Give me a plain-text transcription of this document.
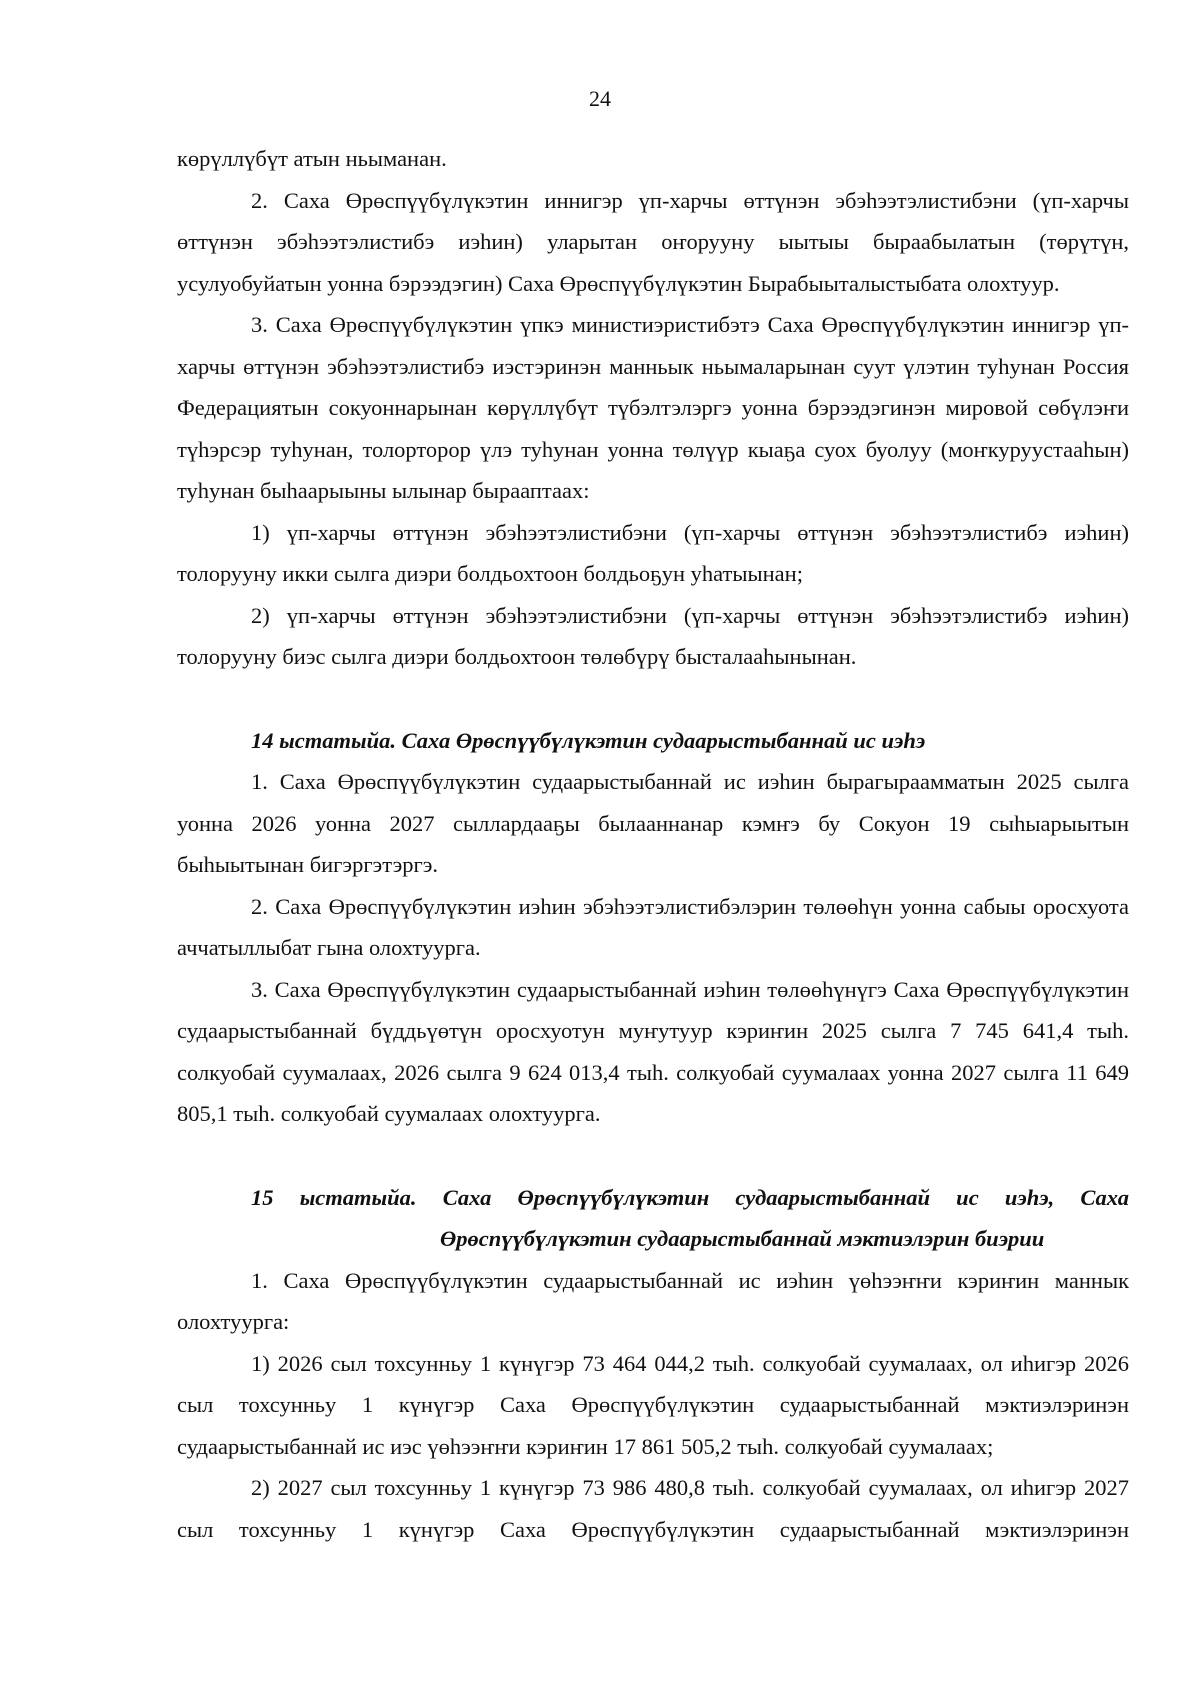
24

көрүллүбүт атын ньыманан.

2. Саха Өрөспүүбүлүкэтин иннигэр үп-харчы өттүнэн эбэһээтэлистибэни (үп-харчы өттүнэн эбэһээтэлистибэ иэһин) уларытан оҥорууну ыытыы быраабылатын (төрүтүн, усулуобуйатын уонна бэрээдэгин) Саха Өрөспүүбүлүкэтин Бырабыыталыстыбата олохтуур.

3. Саха Өрөспүүбүлүкэтин үпкэ министиэристибэтэ Саха Өрөспүүбүлүкэтин иннигэр үп-харчы өттүнэн эбэһээтэлистибэ иэстэринэн манньык ньымаларынан суут үлэтин туһунан Россия Федерациятын сокуоннарынан көрүллүбүт түбэлтэлэргэ уонна бэрээдэгинэн мировой сөбүлэҥи түһэрсэр туһунан, толорторор үлэ туһунан уонна төлүүр кыаҕа суох буолуу (моҥкуруустааһын) туһунан быһаарыыны ылынар бырааптаах:

1) үп-харчы өттүнэн эбэһээтэлистибэни (үп-харчы өттүнэн эбэһээтэлистибэ иэһин) толорууну икки сылга диэри болдьохтоон болдьоҕун уһатыынан;

2) үп-харчы өттүнэн эбэһээтэлистибэни (үп-харчы өттүнэн эбэһээтэлистибэ иэһин) толорууну биэс сылга диэри болдьохтоон төлөбүрү бысталааһынынан.

14 ыстатыйа. Саха Өрөспүүбүлүкэтин судаарыстыбаннай ис иэһэ

1. Саха Өрөспүүбүлүкэтин судаарыстыбаннай ис иэһин бырагыраамматын 2025 сылга уонна 2026 уонна 2027 сыллардааҕы былааннанар кэмҥэ бу Сокуон 19 сыһыарыытын быһыытынан бигэргэтэргэ.

2. Саха Өрөспүүбүлүкэтин иэһин эбэһээтэлистибэлэрин төлөөһүн уонна сабыы оросхуота аччатыллыбат гына олохтуурга.

3. Саха Өрөспүүбүлүкэтин судаарыстыбаннай иэһин төлөөһүнүгэ Саха Өрөспүүбүлүкэтин судаарыстыбаннай бүддьүөтүн оросхуотун муҥутуур кэриҥин 2025 сылга 7 745 641,4 тыһ. солкуобай суумалаах, 2026 сылга 9 624 013,4 тыһ. солкуобай суумалаах уонна 2027 сылга 11 649 805,1 тыһ. солкуобай суумалаах олохтуурга.

15 ыстатыйа. Саха Өрөспүүбүлүкэтин судаарыстыбаннай ис иэһэ, Саха
Өрөспүүбүлүкэтин судаарыстыбаннай мэктиэлэрин биэрии

1. Саха Өрөспүүбүлүкэтин судаарыстыбаннай ис иэһин үөһээҥҥи кэриҥин маннык олохтуурга:

1) 2026 сыл тохсунньу 1 күнүгэр 73 464 044,2 тыһ. солкуобай суумалаах, ол иһигэр 2026 сыл тохсунньу 1 күнүгэр Саха Өрөспүүбүлүкэтин судаарыстыбаннай мэктиэлэринэн судаарыстыбаннай ис иэс үөһээҥҥи кэриҥин 17 861 505,2 тыһ. солкуобай суумалаах;

2) 2027 сыл тохсунньу 1 күнүгэр 73 986 480,8 тыһ. солкуобай суумалаах, ол иһигэр 2027 сыл тохсунньу 1 күнүгэр Саха Өрөспүүбүлүкэтин судаарыстыбаннай мэктиэлэринэн
